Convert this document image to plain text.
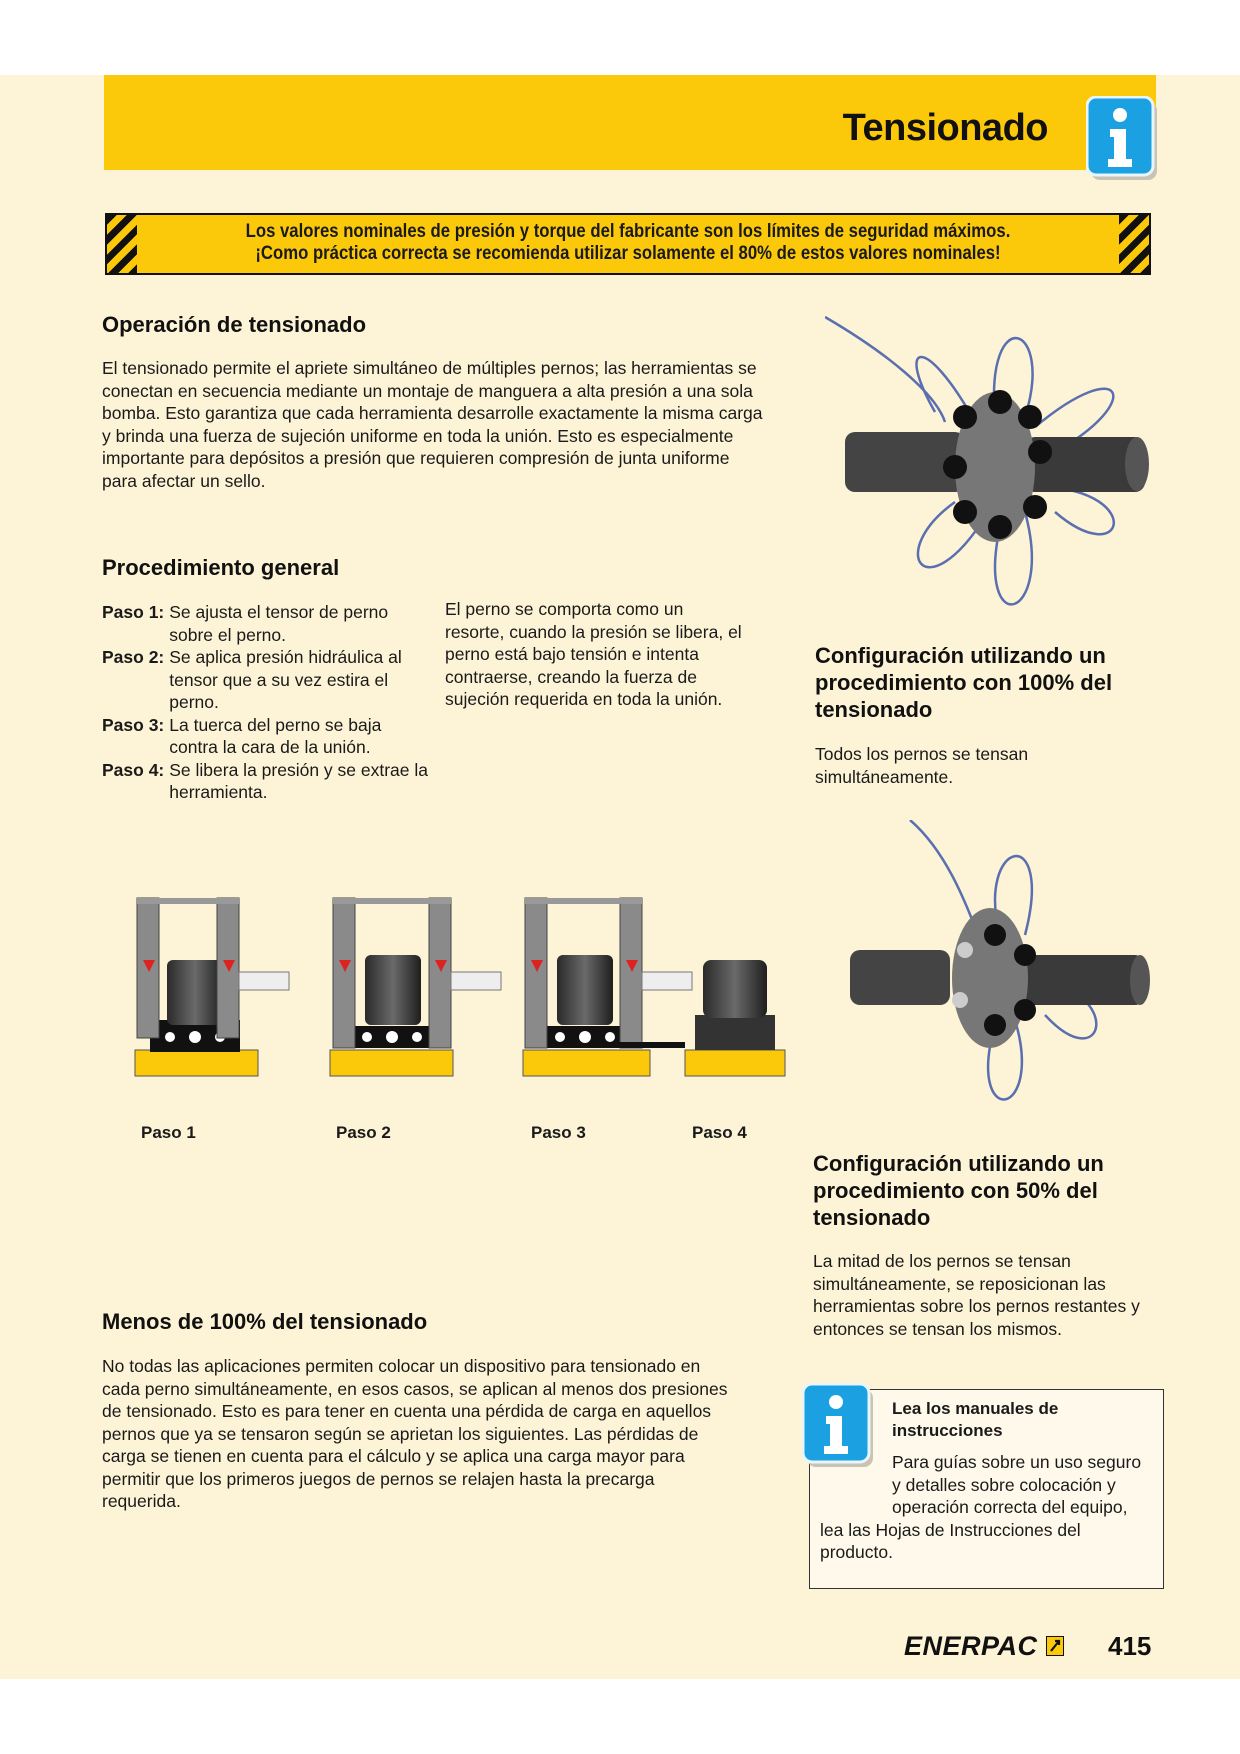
Tensionado
Los valores nominales de presión y torque del fabricante son los límites de seguridad máximos.
¡Como práctica correcta se recomienda utilizar solamente el 80% de estos valores nominales!
Operación de tensionado
El tensionado permite el apriete simultáneo de múltiples pernos; las herramientas se conectan en secuencia mediante un montaje de manguera a alta presión a una sola bomba. Esto garantiza que cada herramienta desarrolle exactamente la misma carga y brinda una fuerza de sujeción uniforme en toda la unión. Esto es especialmente importante para depósitos a presión que requieren compresión de junta uniforme para afectar un sello.
Procedimiento general
Paso 1: Se ajusta el tensor de perno sobre el perno.
Paso 2: Se aplica presión hidráulica al tensor que a su vez estira el perno.
Paso 3: La tuerca del perno se baja contra la cara de la unión.
Paso 4: Se libera la presión y se extrae la herramienta.
El perno se comporta como un resorte, cuando la presión se libera, el perno está bajo tensión e intenta contraerse, creando la fuerza de sujeción requerida en toda la unión.
Paso 1	Paso 2	Paso 3	Paso 4
Configuración utilizando un procedimiento con 100% del tensionado
Todos los pernos se tensan simultáneamente.
Configuración utilizando un procedimiento con 50% del tensionado
La mitad de los pernos se tensan simultáneamente, se reposicionan las herramientas sobre los pernos restantes y entonces se tensan los mismos.
Menos de 100% del tensionado
No todas las aplicaciones permiten colocar un dispositivo para tensionado en cada perno simultáneamente, en esos casos, se aplican al menos dos presiones de tensionado. Esto es para tener en cuenta una pérdida de carga en aquellos pernos que ya se tensaron según se aprietan los siguientes. Las pérdidas de carga se tienen en cuenta para el cálculo y se aplica una carga mayor para permitir que los primeros juegos de pernos se relajen hasta la precarga requerida.
Lea los manuales de instrucciones
Para guías sobre un uso seguro y detalles sobre colocación y operación correcta del equipo, lea las Hojas de Instrucciones del producto.
ENERPAC	415
